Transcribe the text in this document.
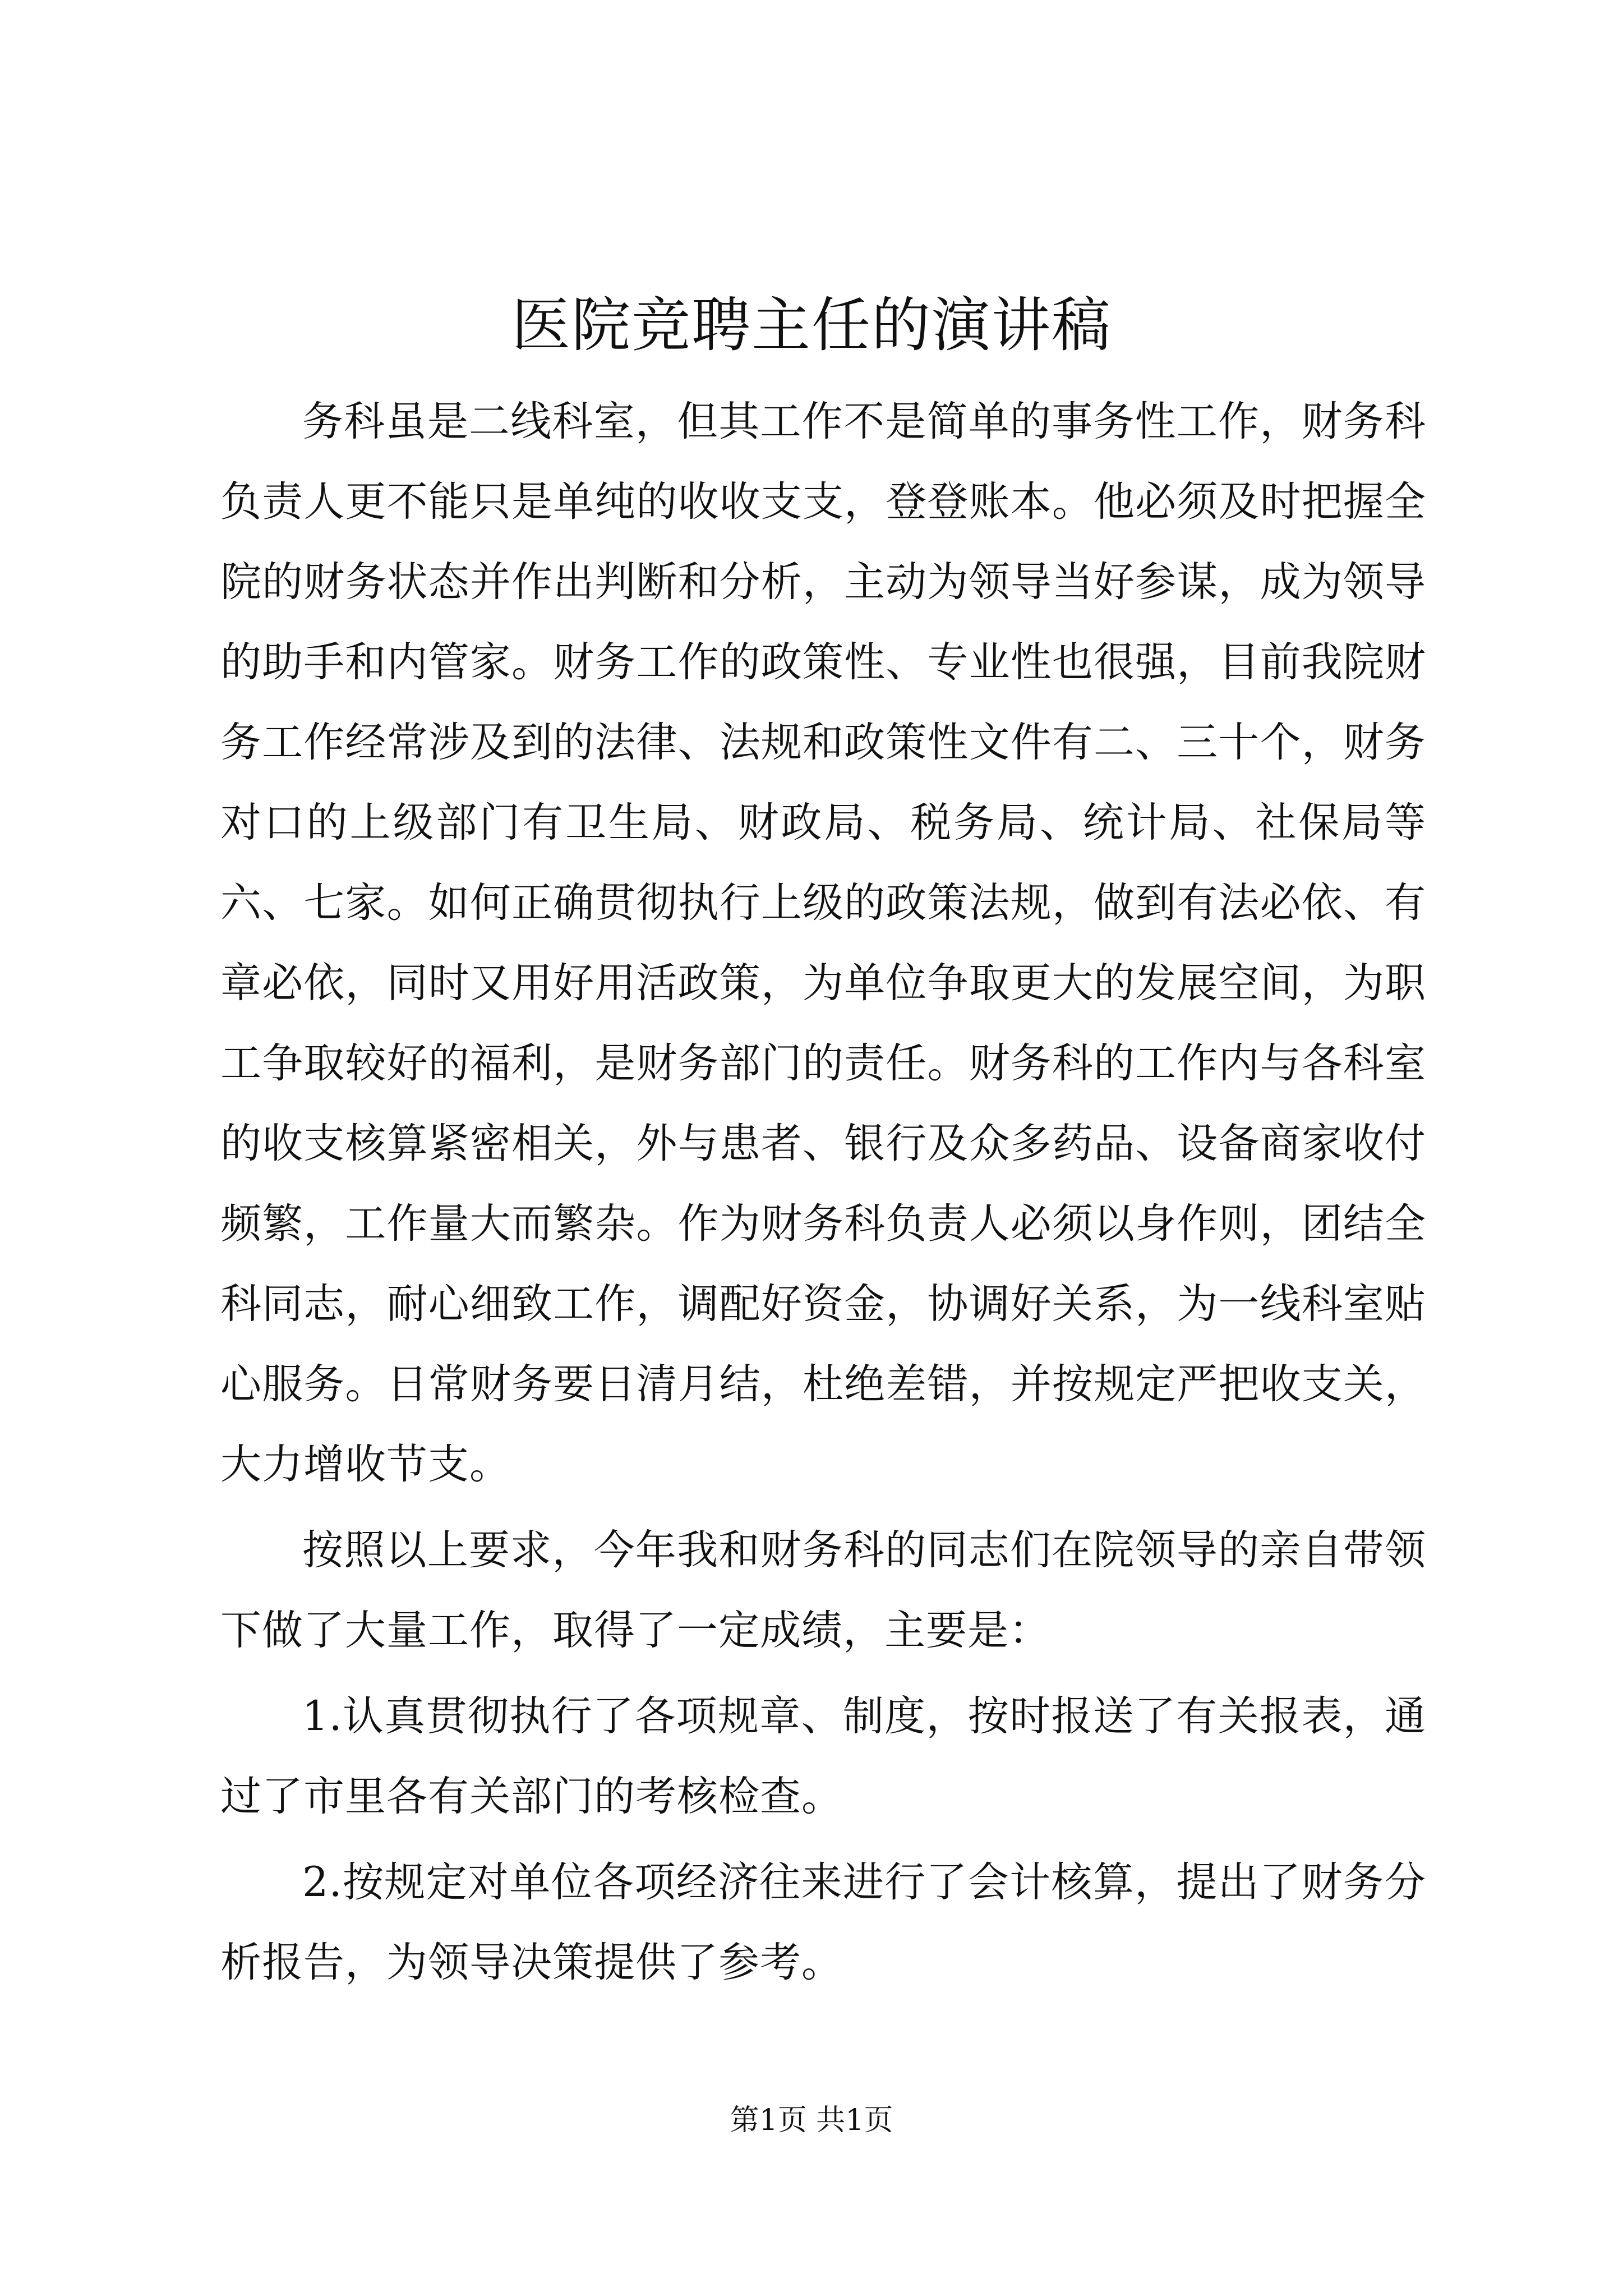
医院竞聘主任的演讲稿

务科虽是二线科室，但其工作不是简单的事务性工作，财务科负责人更不能只是单纯的收收支支，登登账本。他必须及时把握全院的财务状态并作出判断和分析，主动为领导当好参谋，成为领导的助手和内管家。财务工作的政策性、专业性也很强，目前我院财务工作经常涉及到的法律、法规和政策性文件有二、三十个，财务对口的上级部门有卫生局、财政局、税务局、统计局、社保局等六、七家。如何正确贯彻执行上级的政策法规，做到有法必依、有章必依，同时又用好用活政策，为单位争取更大的发展空间，为职工争取较好的福利，是财务部门的责任。财务科的工作内与各科室的收支核算紧密相关，外与患者、银行及众多药品、设备商家收付频繁，工作量大而繁杂。作为财务科负责人必须以身作则，团结全科同志，耐心细致工作，调配好资金，协调好关系，为一线科室贴心服务。日常财务要日清月结，杜绝差错，并按规定严把收支关，大力增收节支。

按照以上要求，今年我和财务科的同志们在院领导的亲自带领下做了大量工作，取得了一定成绩，主要是：

1.认真贯彻执行了各项规章、制度，按时报送了有关报表，通过了市里各有关部门的考核检查。

2.按规定对单位各项经济往来进行了会计核算，提出了财务分析报告，为领导决策提供了参考。

第1页 共1页
